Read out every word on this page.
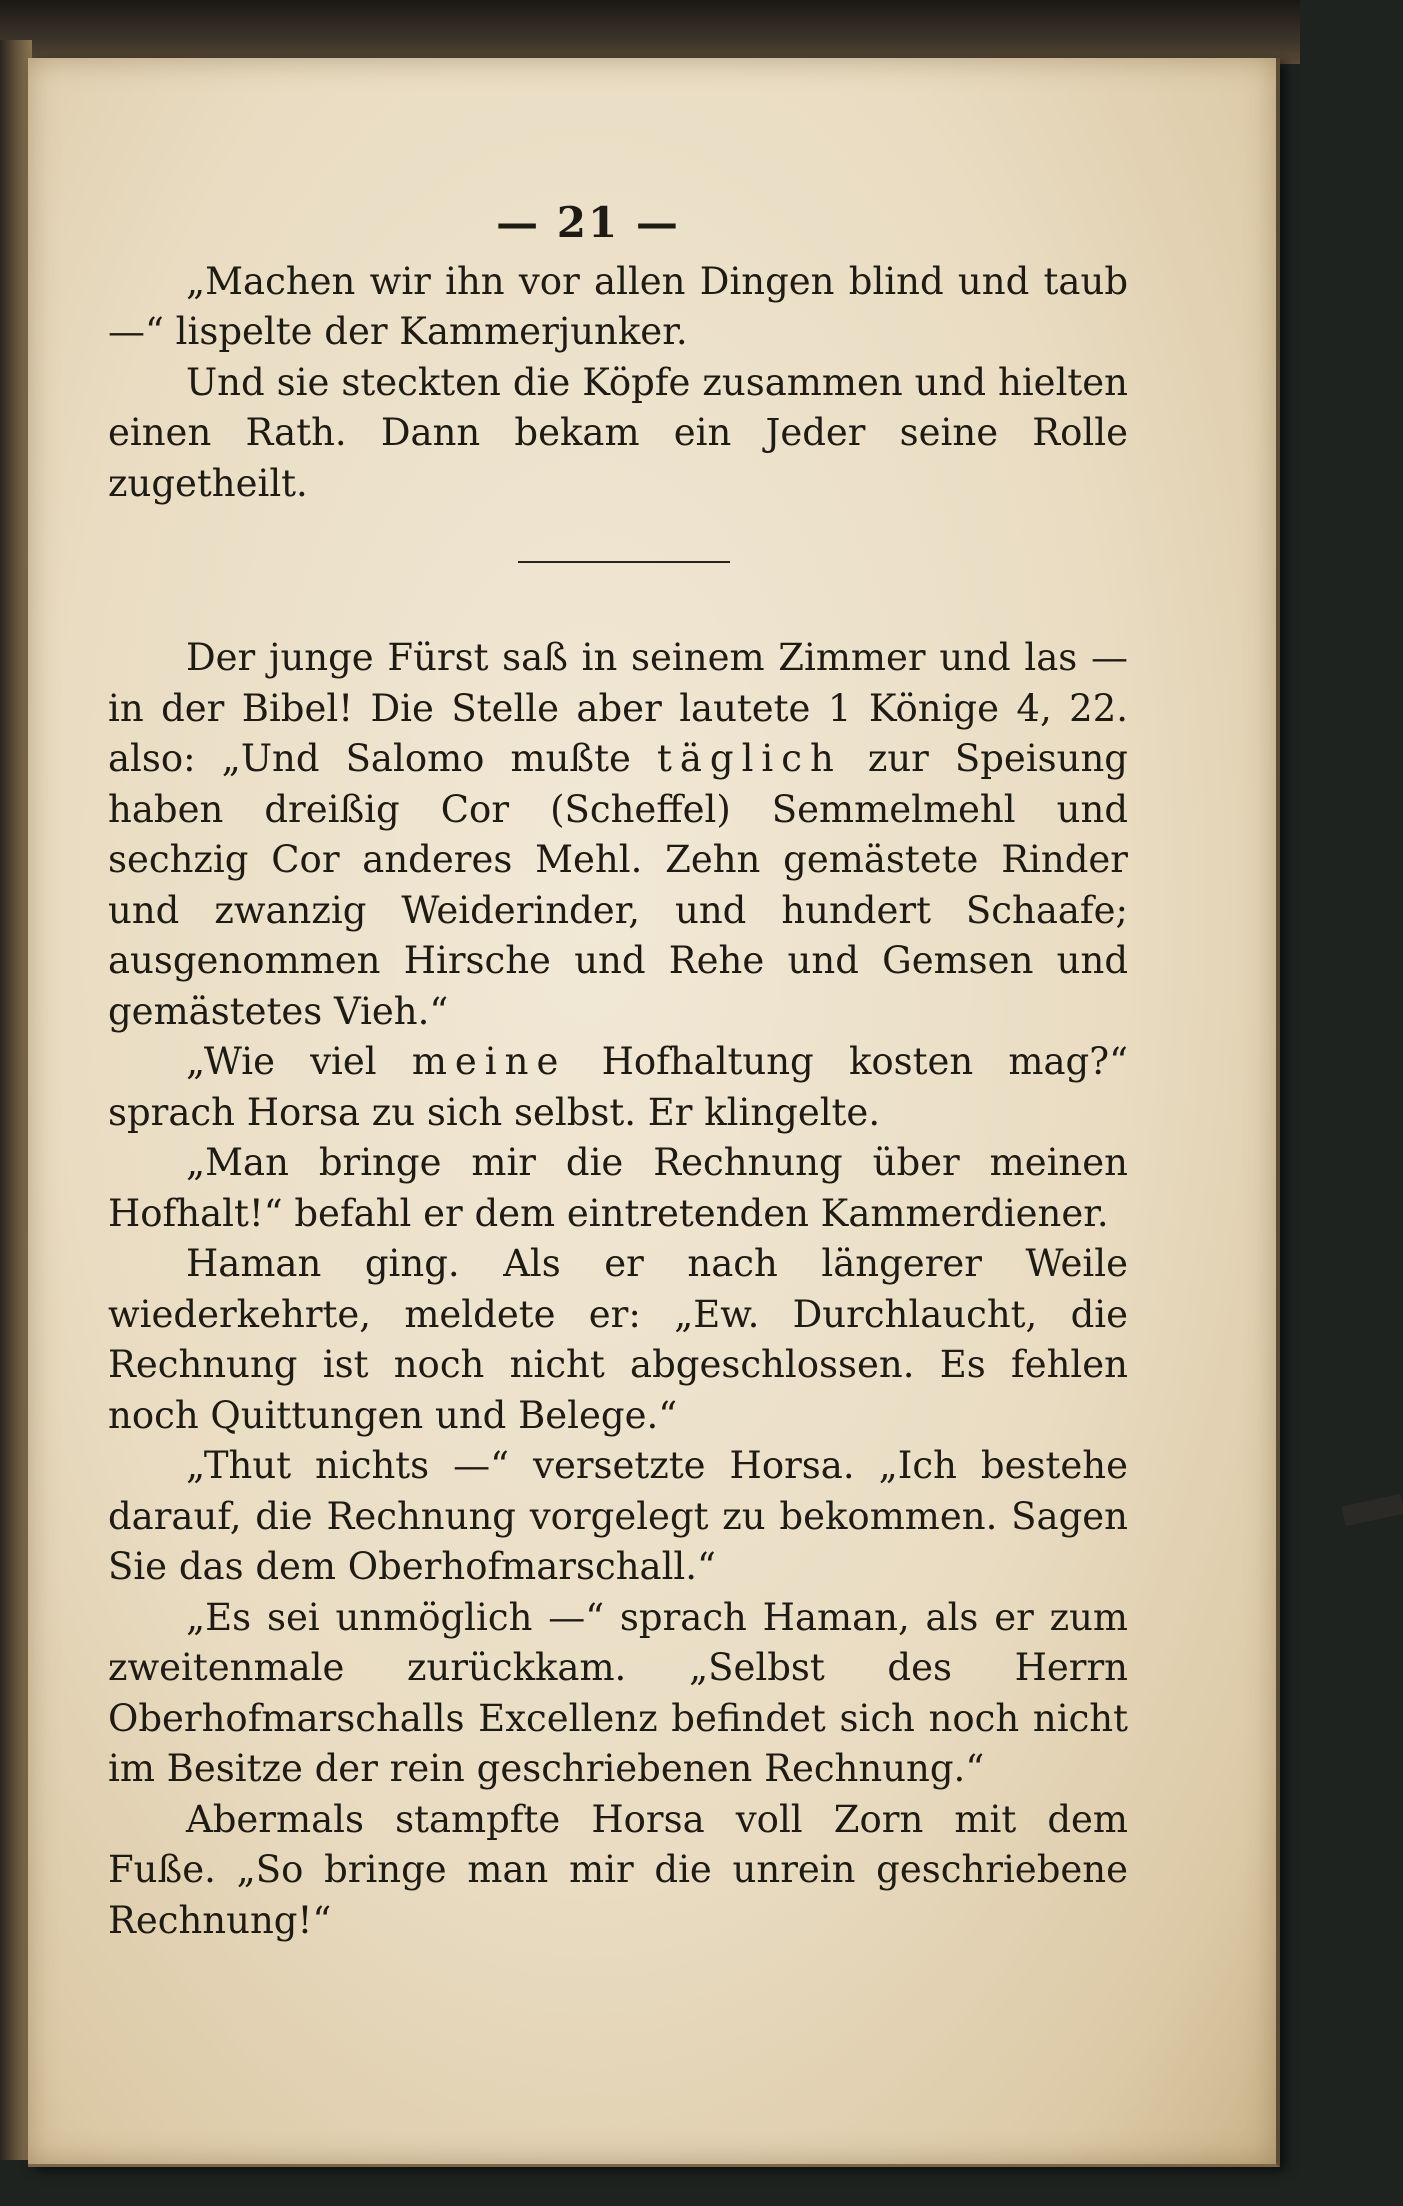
— 21 —

„Machen wir ihn vor allen Dingen blind und taub —“ lispelte der Kammerjunker.

Und sie steckten die Köpfe zusammen und hielten einen Rath. Dann bekam ein Jeder seine Rolle zugetheilt.

Der junge Fürst saß in seinem Zimmer und las — in der Bibel! Die Stelle aber lautete 1 Könige 4, 22. also: „Und Salomo mußte täglich zur Speisung haben dreißig Cor (Scheffel) Semmelmehl und sechzig Cor anderes Mehl. Zehn gemästete Rinder und zwanzig Weiderinder, und hundert Schaafe; ausgenommen Hirsche und Rehe und Gemsen und gemästetes Vieh.“

„Wie viel meine Hofhaltung kosten mag?“ sprach Horsa zu sich selbst. Er klingelte.

„Man bringe mir die Rechnung über meinen Hofhalt!“ befahl er dem eintretenden Kammerdiener.

Haman ging. Als er nach längerer Weile wiederkehrte, meldete er: „Ew. Durchlaucht, die Rechnung ist noch nicht abgeschlossen. Es fehlen noch Quittungen und Belege.“

„Thut nichts —“ versetzte Horsa. „Ich bestehe darauf, die Rechnung vorgelegt zu bekommen. Sagen Sie das dem Oberhofmarschall.“

„Es sei unmöglich —“ sprach Haman, als er zum zweitenmale zurückkam. „Selbst des Herrn Oberhofmarschalls Excellenz befindet sich noch nicht im Besitze der rein geschriebenen Rechnung.“

Abermals stampfte Horsa voll Zorn mit dem Fuße. „So bringe man mir die unrein geschriebene Rechnung!“
